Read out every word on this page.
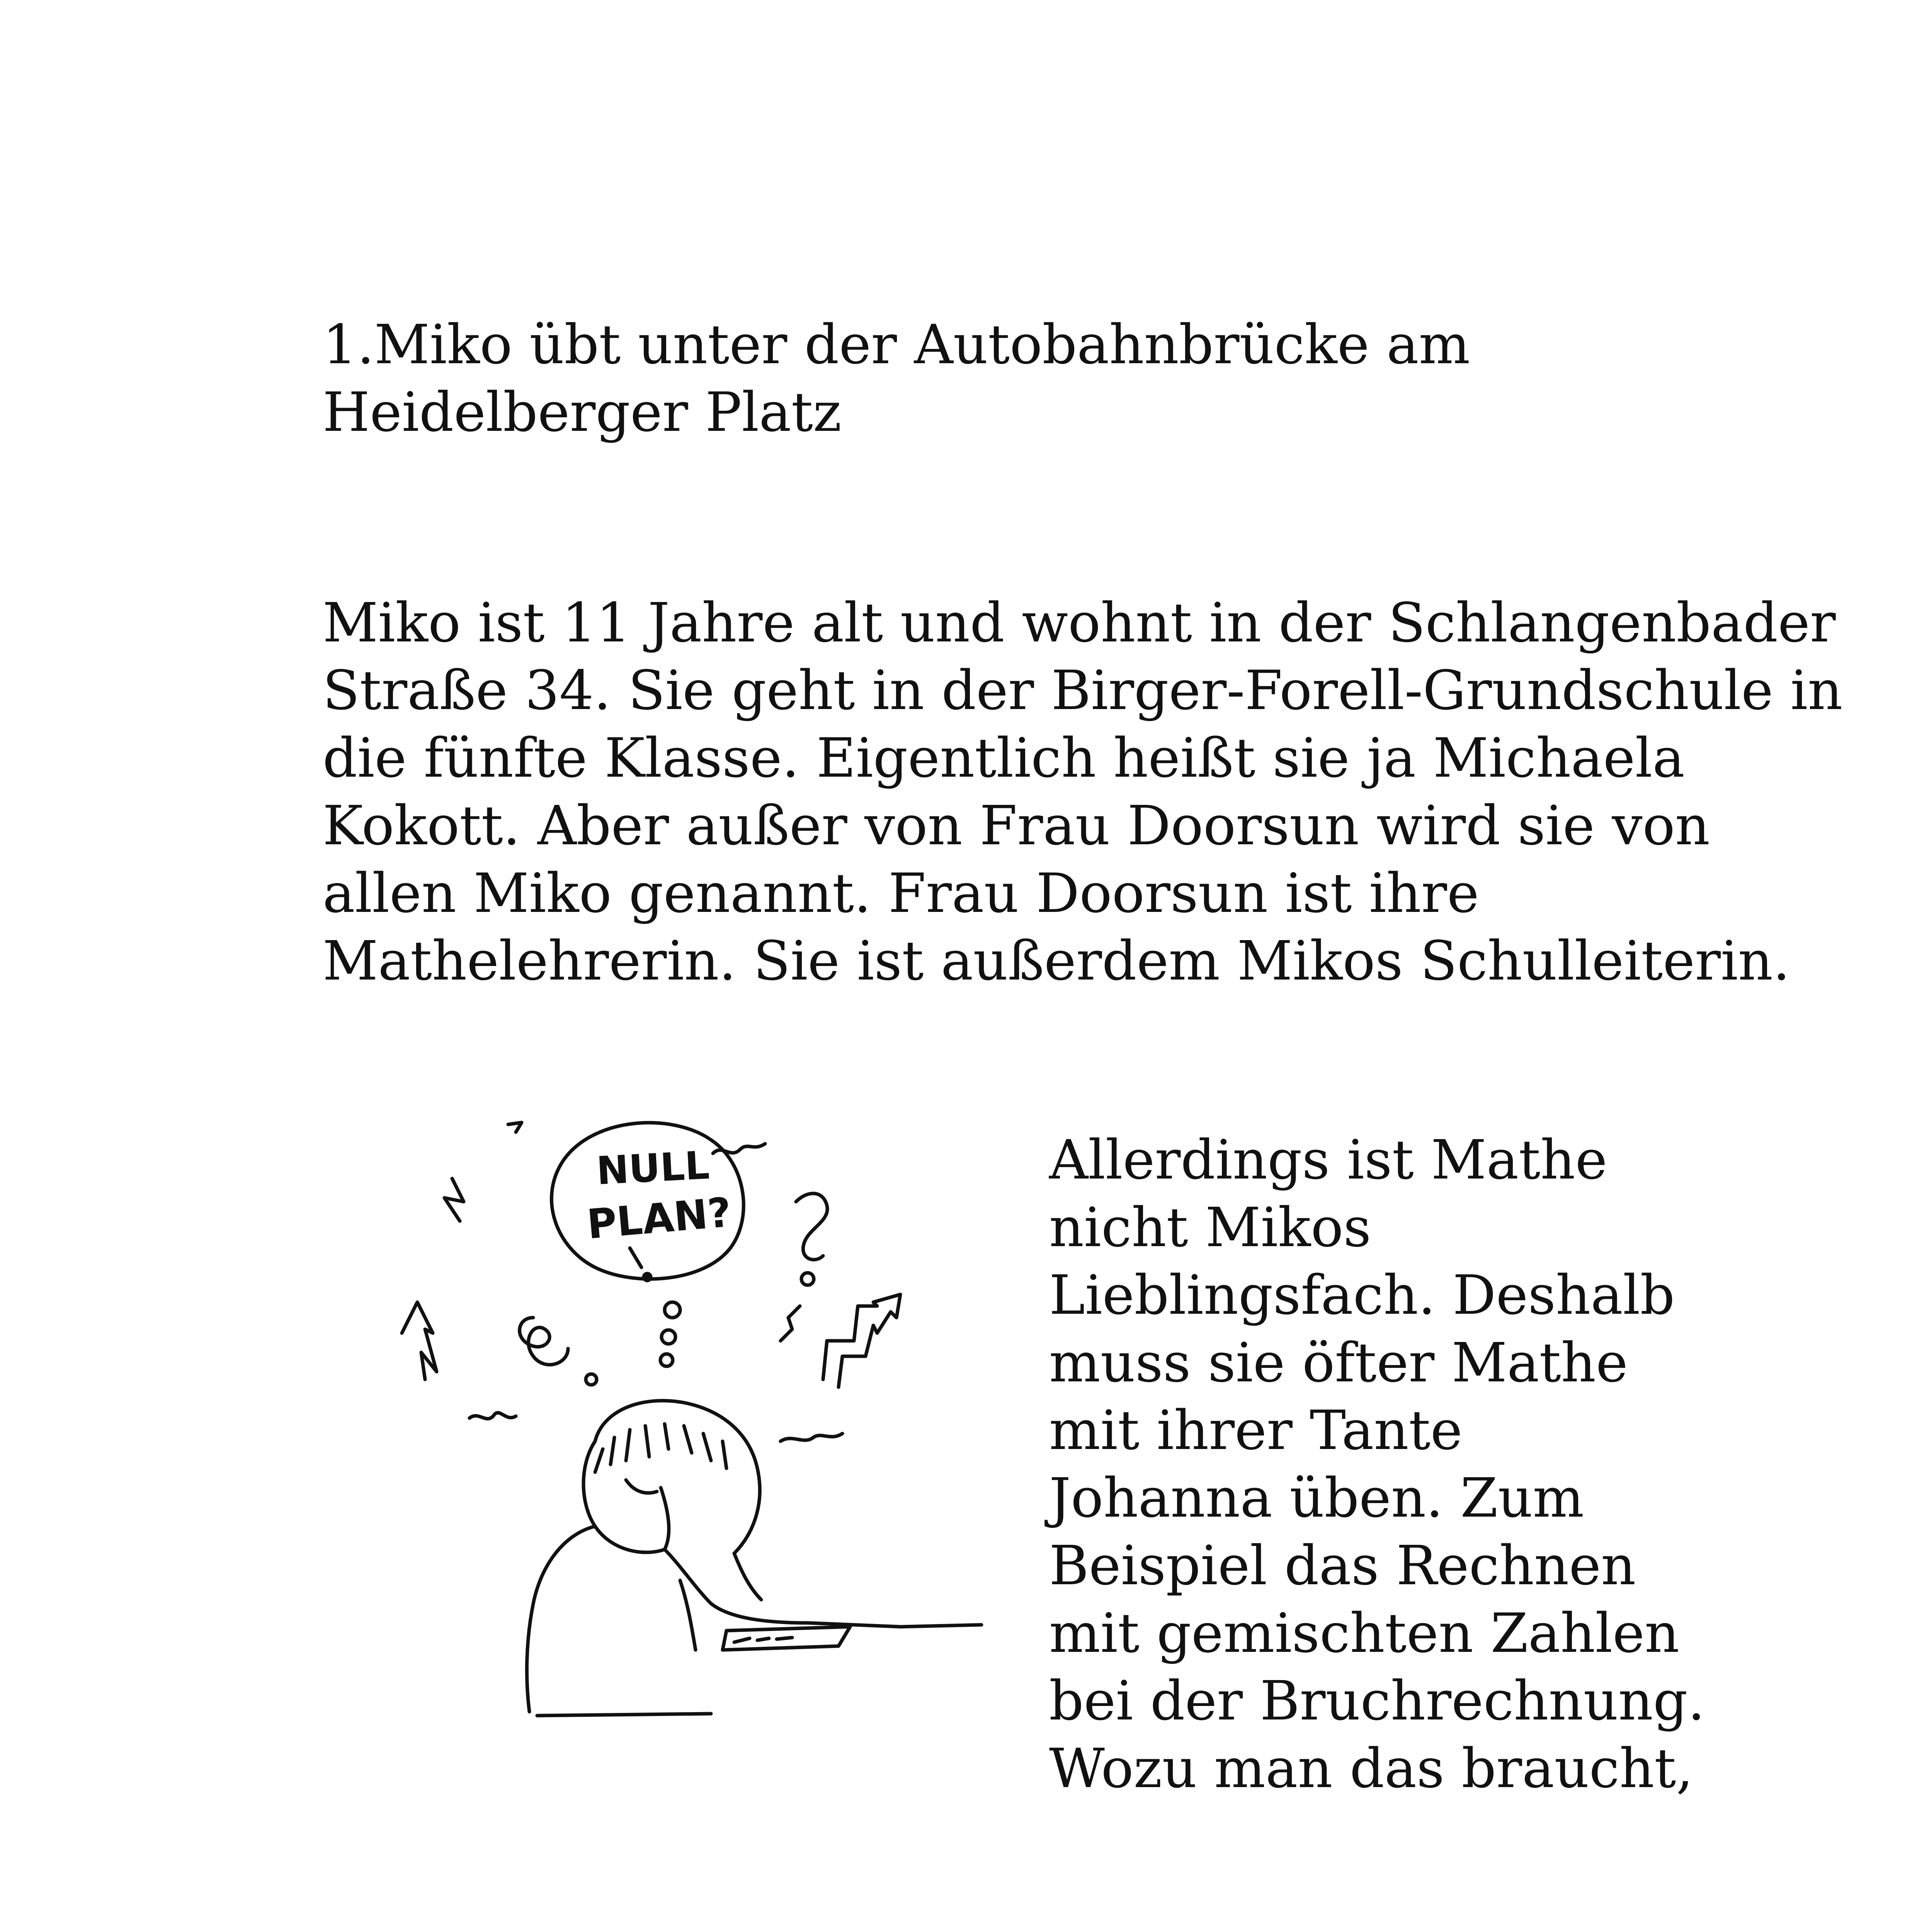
1.Miko übt unter der Autobahnbrücke am Heidelberger Platz
Miko ist 11 Jahre alt und wohnt in der Schlangenbader
Straße 34. Sie geht in der Birger-Forell-Grundschule in
die fünfte Klasse. Eigentlich heißt sie ja Michaela
Kokott. Aber außer von Frau Doorsun wird sie von
allen Miko genannt. Frau Doorsun ist ihre
Mathelehrerin. Sie ist außerdem Mikos Schulleiterin.
NULL
PLAN?
Allerdings ist Mathe
nicht Mikos
Lieblingsfach. Deshalb
muss sie öfter Mathe
mit ihrer Tante
Johanna üben. Zum
Beispiel das Rechnen
mit gemischten Zahlen
bei der Bruchrechnung.
Wozu man das braucht,
